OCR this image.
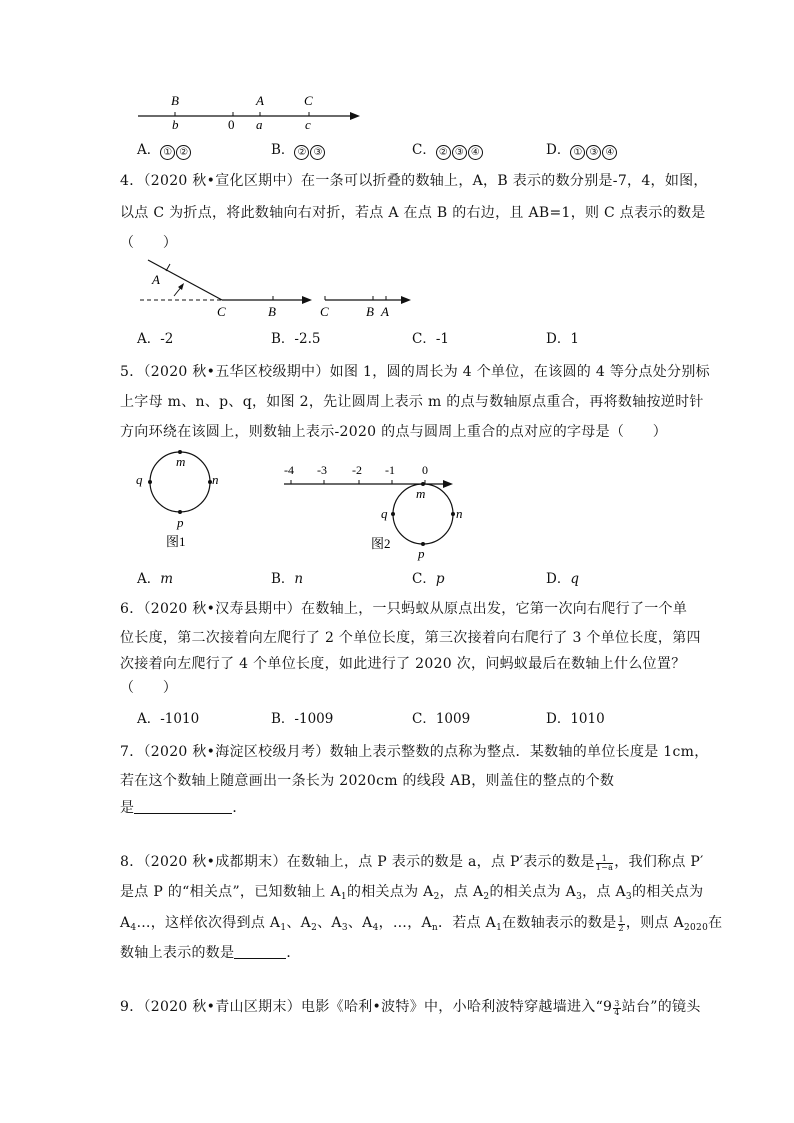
B	A	C
b	0 a	c
A． ① ②	B． ② ③	C． ② ③ ④	D． ① ③ ④
4．（2020 秋•宣化区期中）在一条可以折叠的数轴上，A，B 表示的数分别是-7，4，如图，
以点 C 为折点，将此数轴向右对折，若点 A 在点 B 的右边，且 AB=1，则 C 点表示的数是
（　　）
A
C	B	C	B A
A．-2	B．-2.5	C．-1	D．1
5．（2020 秋•五华区校级期中）如图 1，圆的周长为 4 个单位，在该圆的 4 等分点处分别标
上字母 m、n、p、q，如图 2，先让圆周上表示 m 的点与数轴原点重合，再将数轴按逆时针
方向环绕在该圆上，则数轴上表示-2020 的点与圆周上重合的点对应的字母是（　　）
m
n
p
q
图1
-4 -3 -2 -1 0
m
n
p
q
图2
A．m	B．n	C．p	D．q
6．（2020 秋•汉寿县期中）在数轴上，一只蚂蚁从原点出发，它第一次向右爬行了一个单
位长度，第二次接着向左爬行了 2 个单位长度，第三次接着向右爬行了 3 个单位长度，第四
次接着向左爬行了 4 个单位长度，如此进行了 2020 次，问蚂蚁最后在数轴上什么位置？
（　　）
A．-1010	B．-1009	C．1009	D．1010
7．（2020 秋•海淀区校级月考）数轴上表示整数的点称为整点．某数轴的单位长度是 1cm，
若在这个数轴上随意画出一条长为 2020cm 的线段 AB，则盖住的整点的个数
是	．
8．（2020 秋•成都期末）在数轴上，点 P 表示的数是 a，点 P′表示的数是 $\frac{1}{1-a}$ ，我们称点 P′
是点 P 的“相关点”，已知数轴上 $A_1$的相关点为 $A_2$，点 $A_2$的相关点为 $A_3$，点 $A_3$的相关点为
$A_4\dots$，这样依次得到点 $A_1$、$A_2$、$A_3$、$A_4$，…，$A_n$．若点 $A_1$在数轴表示的数是 $\frac{1}{2}$ ，则点 $A_{2020}$在
数轴上表示的数是	．
9．（2020 秋•青山区期末）电影《哈利•波特》中，小哈利波特穿越墙进入“$9 \frac{3}{4}$ 站台”的镜头
